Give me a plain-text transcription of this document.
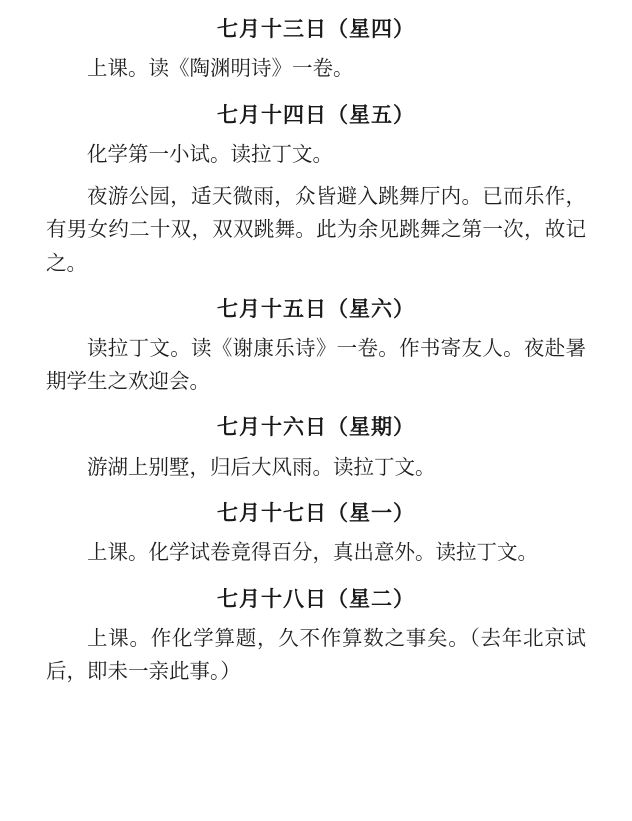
七月十三日（星四）
上课。读《陶渊明诗》一卷。
七月十四日（星五）
化学第一小试。读拉丁文。
夜游公园，适天微雨，众皆避入跳舞厅内。已而乐作，有男女约二十双，双双跳舞。此为余见跳舞之第一次，故记之。
七月十五日（星六）
读拉丁文。读《谢康乐诗》一卷。作书寄友人。夜赴暑期学生之欢迎会。
七月十六日（星期）
游湖上别墅，归后大风雨。读拉丁文。
七月十七日（星一）
上课。化学试卷竟得百分，真出意外。读拉丁文。
七月十八日（星二）
上课。作化学算题，久不作算数之事矣。（去年北京试后，即未一亲此事。）
